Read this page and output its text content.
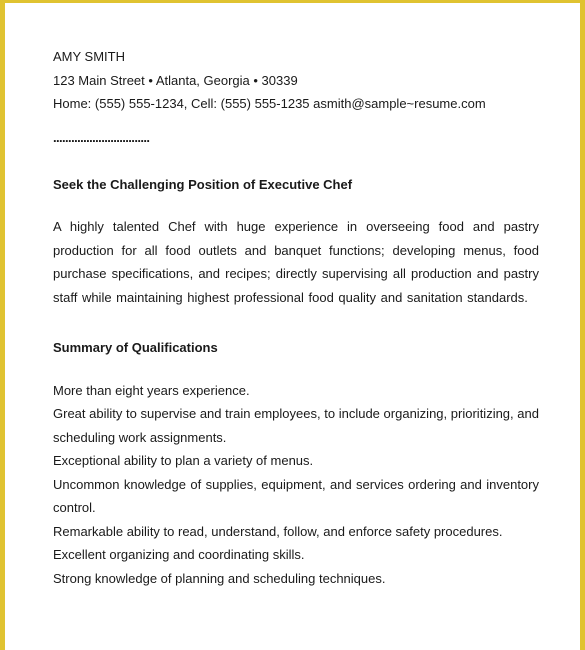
AMY SMITH
123 Main Street • Atlanta, Georgia • 30339
Home: (555) 555-1234, Cell: (555) 555-1235 asmith@sample~resume.com
................................
Seek the Challenging Position of Executive Chef
A highly talented Chef with huge experience in overseeing food and pastry production for all food outlets and banquet functions; developing menus, food purchase specifications, and recipes; directly supervising all production and pastry staff while maintaining highest professional food quality and sanitation standards.
Summary of Qualifications
More than eight years experience.
Great ability to supervise and train employees, to include organizing, prioritizing, and scheduling work assignments.
Exceptional ability to plan a variety of menus.
Uncommon knowledge of supplies, equipment, and services ordering and inventory control.
Remarkable ability to read, understand, follow, and enforce safety procedures.
Excellent organizing and coordinating skills.
Strong knowledge of planning and scheduling techniques.
